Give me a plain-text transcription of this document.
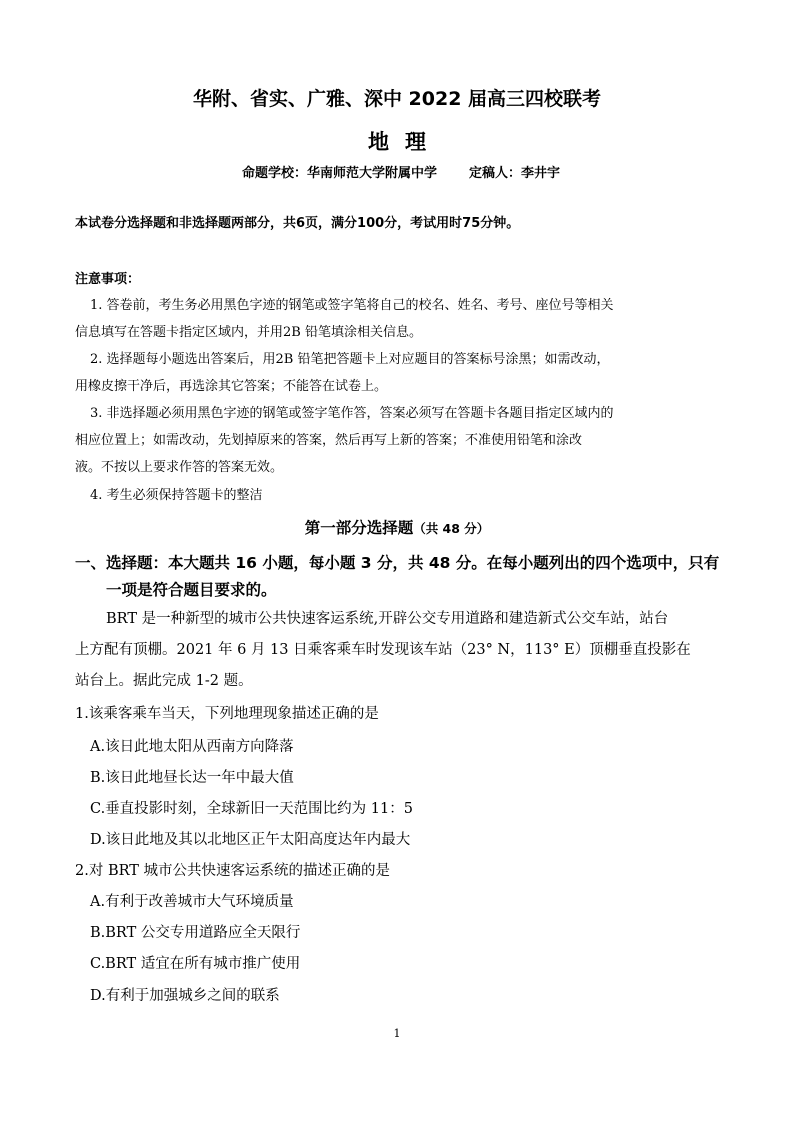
华附、省实、广雅、深中 2022 届高三四校联考
地理
命题学校：华南师范大学附属中学 定稿人：李井宇
本试卷分选择题和非选择题两部分，共6页，满分100分，考试用时75分钟。
注意事项：
1. 答卷前，考生务必用黑色字迹的钢笔或签字笔将自己的校名、姓名、考号、座位号等相关
信息填写在答题卡指定区域内，并用2B 铅笔填涂相关信息。
2. 选择题每小题选出答案后，用2B 铅笔把答题卡上对应题目的答案标号涂黑；如需改动，
用橡皮擦干净后，再选涂其它答案；不能答在试卷上。
3. 非选择题必须用黑色字迹的钢笔或签字笔作答，答案必须写在答题卡各题目指定区域内的
相应位置上；如需改动，先划掉原来的答案，然后再写上新的答案；不准使用铅笔和涂改
液。不按以上要求作答的答案无效。
4. 考生必须保持答题卡的整洁
第一部分选择题（共 48 分）
一、选择题：本大题共 16 小题，每小题 3 分，共 48 分。在每小题列出的四个选项中，只有
一项是符合题目要求的。
BRT 是一种新型的城市公共快速客运系统,开辟公交专用道路和建造新式公交车站，站台
上方配有顶棚。2021 年 6 月 13 日乘客乘车时发现该车站（23° N，113° E）顶棚垂直投影在
站台上。据此完成 1-2 题。
1.该乘客乘车当天，下列地理现象描述正确的是
A.该日此地太阳从西南方向降落
B.该日此地昼长达一年中最大值
C.垂直投影时刻，全球新旧一天范围比约为 11：5
D.该日此地及其以北地区正午太阳高度达年内最大
2.对 BRT 城市公共快速客运系统的描述正确的是
A.有利于改善城市大气环境质量
B.BRT 公交专用道路应全天限行
C.BRT 适宜在所有城市推广使用
D.有利于加强城乡之间的联系
1
